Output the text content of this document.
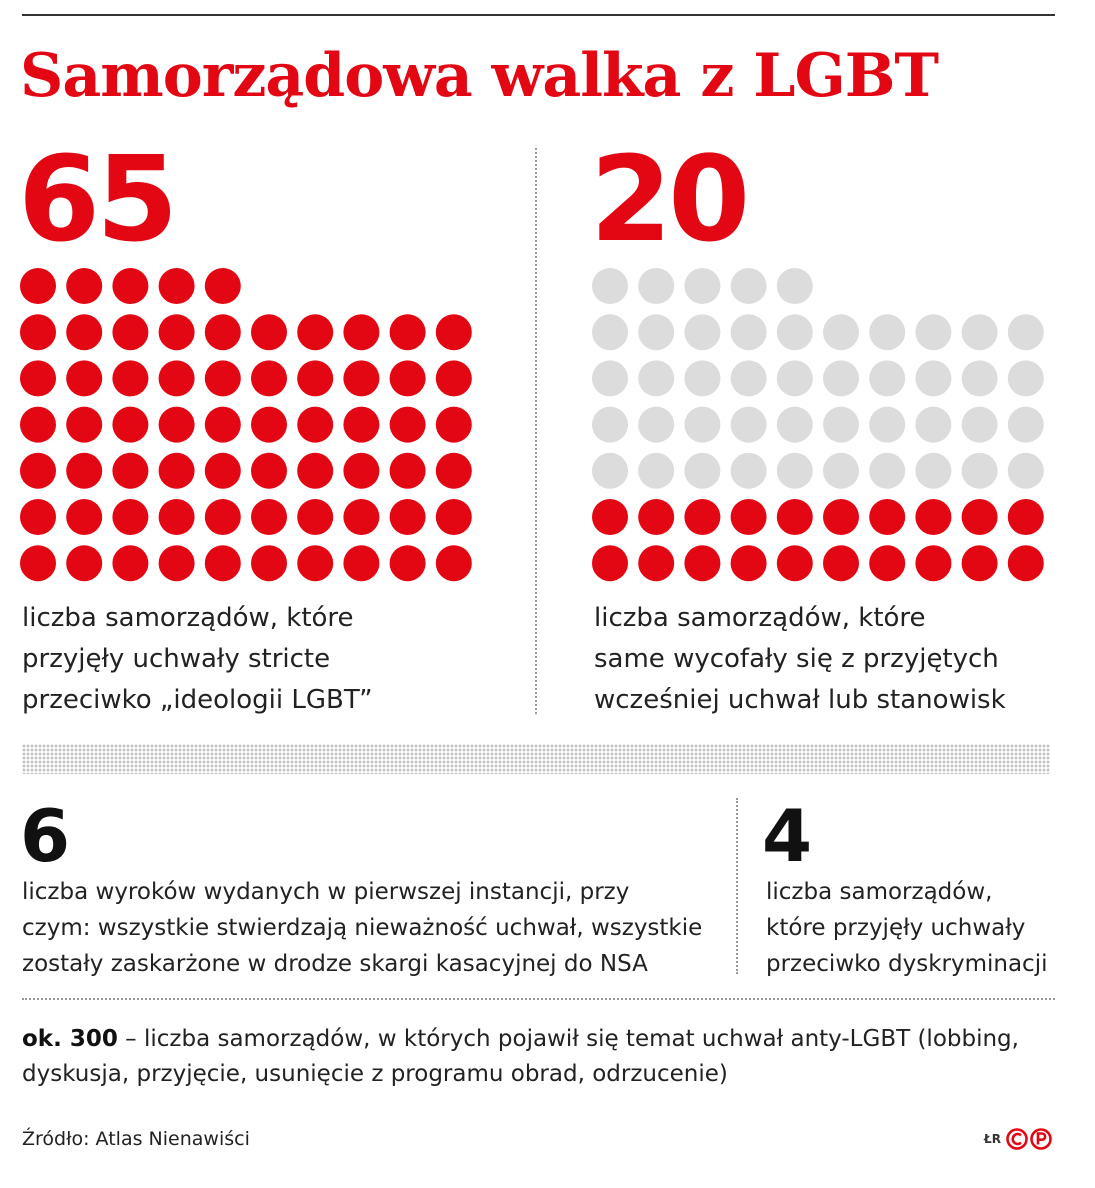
Samorządowa walka z LGBT
65

liczba samorządów, które
przyjęły uchwały stricte
przeciwko „ideologii LGBT”

20

liczba samorządów, które
same wycofały się z przyjętych
wcześniej uchwał lub stanowisk

6

liczba wyroków wydanych w pierwszej instancji, przy
czym: wszystkie stwierdzają nieważność uchwał, wszystkie
zostały zaskarżone w drodze skargi kasacyjnej do NSA

4

liczba samorządów,
które przyjęły uchwały
przeciwko dyskryminacji

ok. 300 – liczba samorządów, w których pojawił się temat uchwał anty-LGBT (lobbing, dyskusja, przyjęcie, usunięcie z programu obrad, odrzucenie)

Źródło: Atlas Nienawiści	ŁR
